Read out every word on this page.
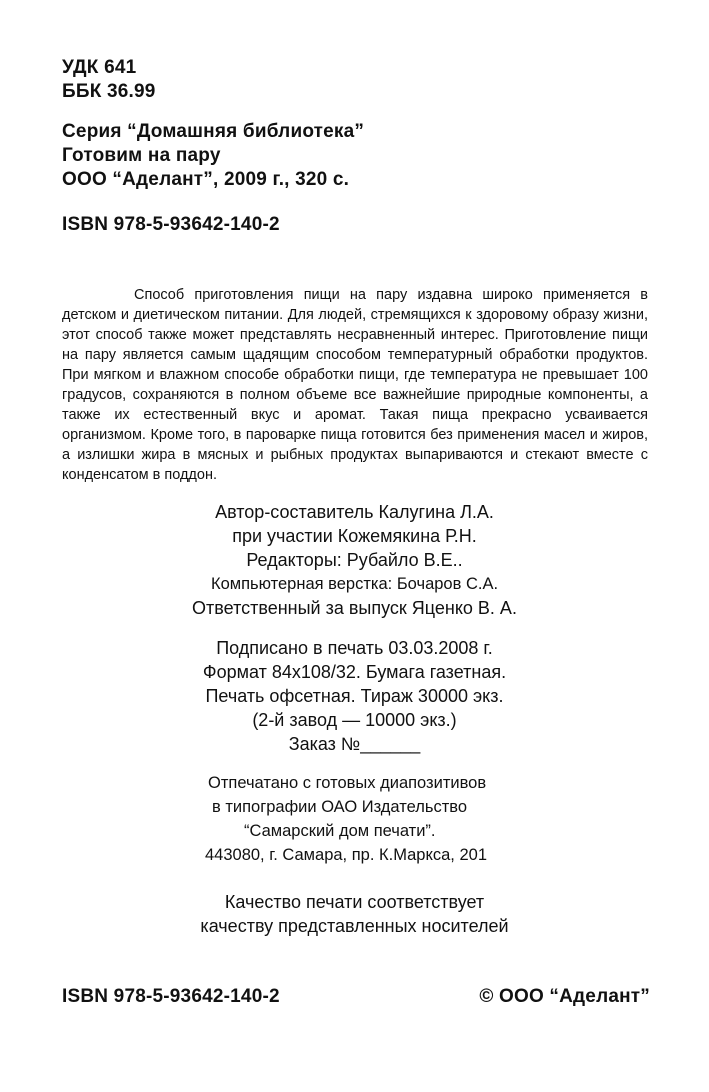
УДК 641
ББК 36.99
Серия “Домашняя библиотека”
Готовим на пару
ООО “Аделант”, 2009 г., 320 с.
ISBN 978-5-93642-140-2

Способ приготовления пищи на пару издавна широко применяется в детском и диетическом питании. Для людей, стремящихся к здоровому образу жизни, этот способ также может представлять несравненный интерес. Приготовление пищи на пару является самым щадящим способом температурный обработки продуктов. При мягком и влажном способе обработки пищи, где температура не превышает 100 градусов, сохраняются в полном объеме все важнейшие природные компоненты, а также их естественный вкус и аромат. Такая пища прекрасно усваивается организмом. Кроме того, в пароварке пища готовится без применения масел и жиров, а излишки жира в мясных и рыбных продуктах выпариваются и стекают вместе с конденсатом в поддон.

Автор-составитель Калугина Л.А.
при участии Кожемякина Р.Н.
Редакторы: Рубайло В.Е..
Компьютерная верстка: Бочаров С.А.
Ответственный за выпуск Яценко В. А.
Подписано в печать 03.03.2008 г.
Формат 84x108/32. Бумага газетная.
Печать офсетная. Тираж 30000 экз.
(2-й завод — 10000 экз.)
Заказ №______
Отпечатано с готовых диапозитивов
в типографии ОАО Издательство
“Самарский дом печати”.
443080, г. Самара, пр. К.Маркса, 201
Качество печати соответствует
качеству представленных носителей
ISBN 978-5-93642-140-2	© ООО “Аделант”
